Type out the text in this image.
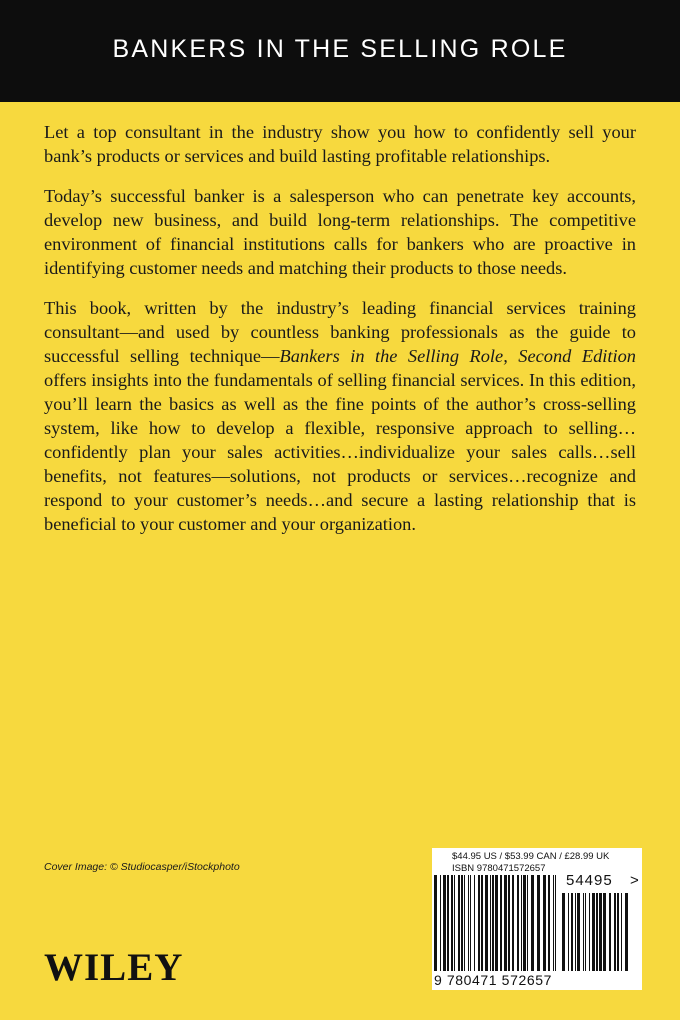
BANKERS IN THE SELLING ROLE

Let a top consultant in the industry show you how to confidently sell your bank’s products or services and build lasting profitable relationships.

Today’s successful banker is a salesperson who can penetrate key accounts, develop new business, and build long-term relationships. The competitive environment of financial institutions calls for bankers who are proactive in identifying customer needs and matching their products to those needs.

This book, written by the industry’s leading financial services training consultant—and used by countless banking professionals as the guide to successful selling technique—Bankers in the Selling Role, Second Edition offers insights into the fundamentals of selling financial services. In this edition, you’ll learn the basics as well as the fine points of the author’s cross-selling system, like how to develop a flexible, responsive approach to selling…confidently plan your sales activities…individualize your sales calls…sell benefits, not features—solutions, not products or services…recognize and respond to your customer’s needs…and secure a lasting relationship that is beneficial to your customer and your organization.

Cover Image: © Studiocasper/iStockphoto
WILEY
$44.95 US / $53.99 CAN / £28.99 UK
ISBN 9780471572657
54495 >
9 780471 572657
